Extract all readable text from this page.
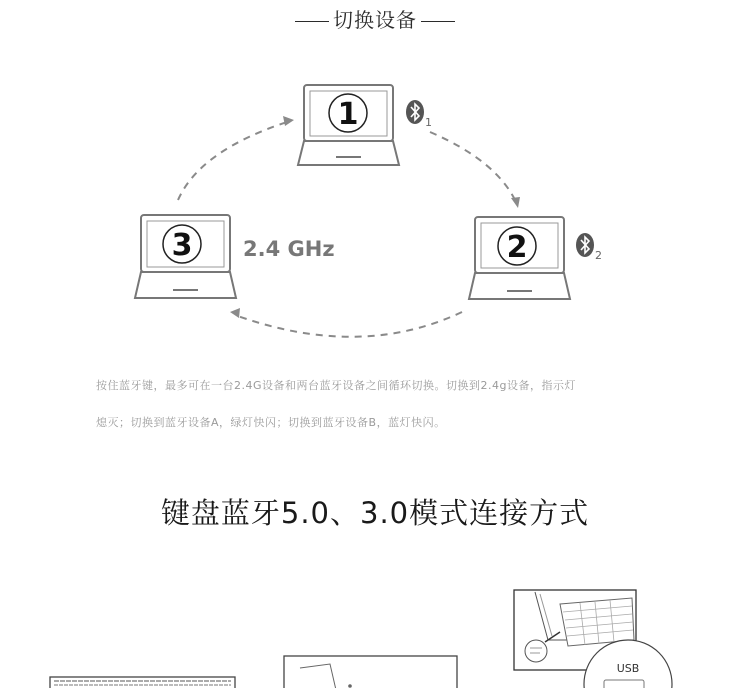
切换设备
1	1
2	2
3 2.4 GHz
按住蓝牙键，最多可在一台2.4G设备和两台蓝牙设备之间循环切换。切换到2.4g设备，指示灯
熄灭；切换到蓝牙设备A，绿灯快闪；切换到蓝牙设备B，蓝灯快闪。
键盘蓝牙5.0、3.0模式连接方式
USB
